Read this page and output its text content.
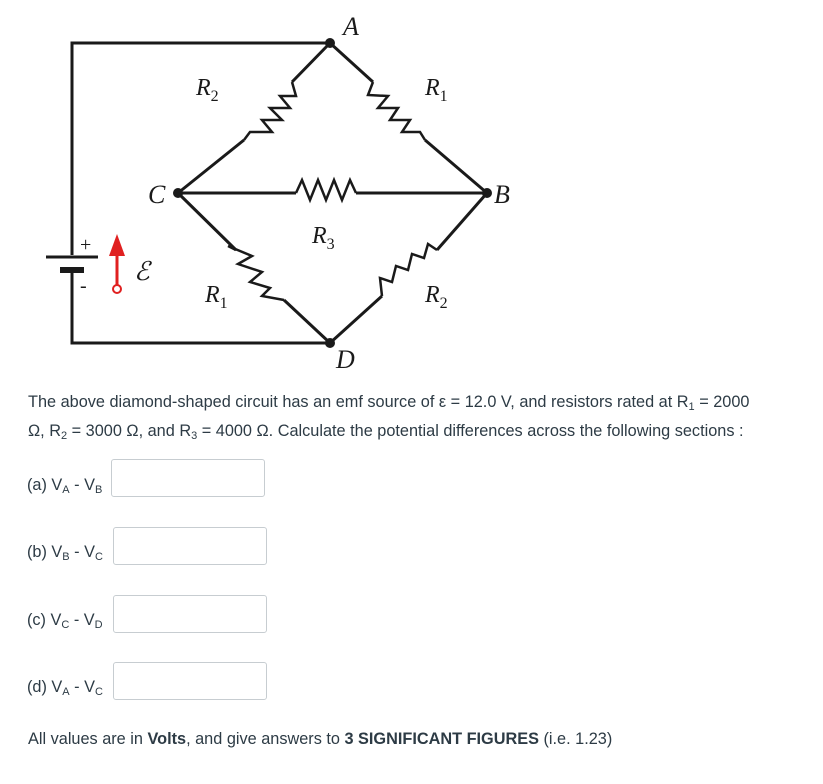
+
- ℰ
A
B
C
D
$R_2$	$R_1$
$R_3$
$R_1$	$R_2$
The above diamond-shaped circuit has an emf source of ε = 12.0 V, and resistors rated at $R_1 = 2000$
Ω, $R_2 = 3000$ Ω, and $R_3 = 4000$ Ω. Calculate the potential differences across the following sections :
(a) $V_A - V_B$
(b) $V_B - V_C$
(c) $V_C - V_D$
(d) $V_A - V_C$
All values are in Volts, and give answers to 3 SIGNIFICANT FIGURES (i.e. 1.23)
